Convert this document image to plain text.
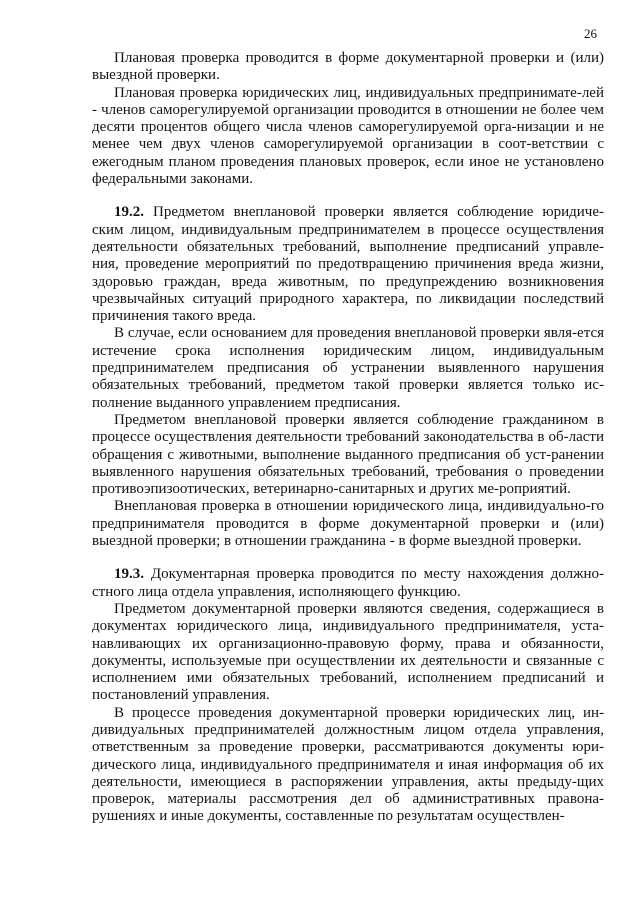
26

Плановая проверка проводится в форме документарной проверки и (или) выездной проверки.

Плановая проверка юридических лиц, индивидуальных предпринимате-лей - членов саморегулируемой организации проводится в отношении не более чем десяти процентов общего числа членов саморегулируемой орга-низации и не менее чем двух членов саморегулируемой организации в соот-ветствии с ежегодным планом проведения плановых проверок, если иное не установлено федеральными законами.

19.2. Предметом внеплановой проверки является соблюдение юридиче-ским лицом, индивидуальным предпринимателем в процессе осуществления деятельности обязательных требований, выполнение предписаний управле-ния, проведение мероприятий по предотвращению причинения вреда жизни, здоровью граждан, вреда животным, по предупреждению возникновения чрезвычайных ситуаций природного характера, по ликвидации последствий причинения такого вреда.

В случае, если основанием для проведения внеплановой проверки явля-ется истечение срока исполнения юридическим лицом, индивидуальным предпринимателем предписания об устранении выявленного нарушения обязательных требований, предметом такой проверки является только ис-полнение выданного управлением предписания.

Предметом внеплановой проверки является соблюдение гражданином в процессе осуществления деятельности требований законодательства в об-ласти обращения с животными, выполнение выданного предписания об уст-ранении выявленного нарушения обязательных требований, требования о проведении противоэпизоотических, ветеринарно-санитарных и других ме-роприятий.

Внеплановая проверка в отношении юридического лица, индивидуально-го предпринимателя проводится в форме документарной проверки и (или) выездной проверки; в отношении гражданина - в форме выездной проверки.

19.3. Документарная проверка проводится по месту нахождения должно-стного лица отдела управления, исполняющего функцию.

Предметом документарной проверки являются сведения, содержащиеся в документах юридического лица, индивидуального предпринимателя, уста-навливающих их организационно-правовую форму, права и обязанности, документы, используемые при осуществлении их деятельности и связанные с исполнением ими обязательных требований, исполнением предписаний и постановлений управления.

В процессе проведения документарной проверки юридических лиц, ин-дивидуальных предпринимателей должностным лицом отдела управления, ответственным за проведение проверки, рассматриваются документы юри-дического лица, индивидуального предпринимателя и иная информация об их деятельности, имеющиеся в распоряжении управления, акты предыду-щих проверок, материалы рассмотрения дел об административных правона-рушениях и иные документы, составленные по результатам осуществлен-
